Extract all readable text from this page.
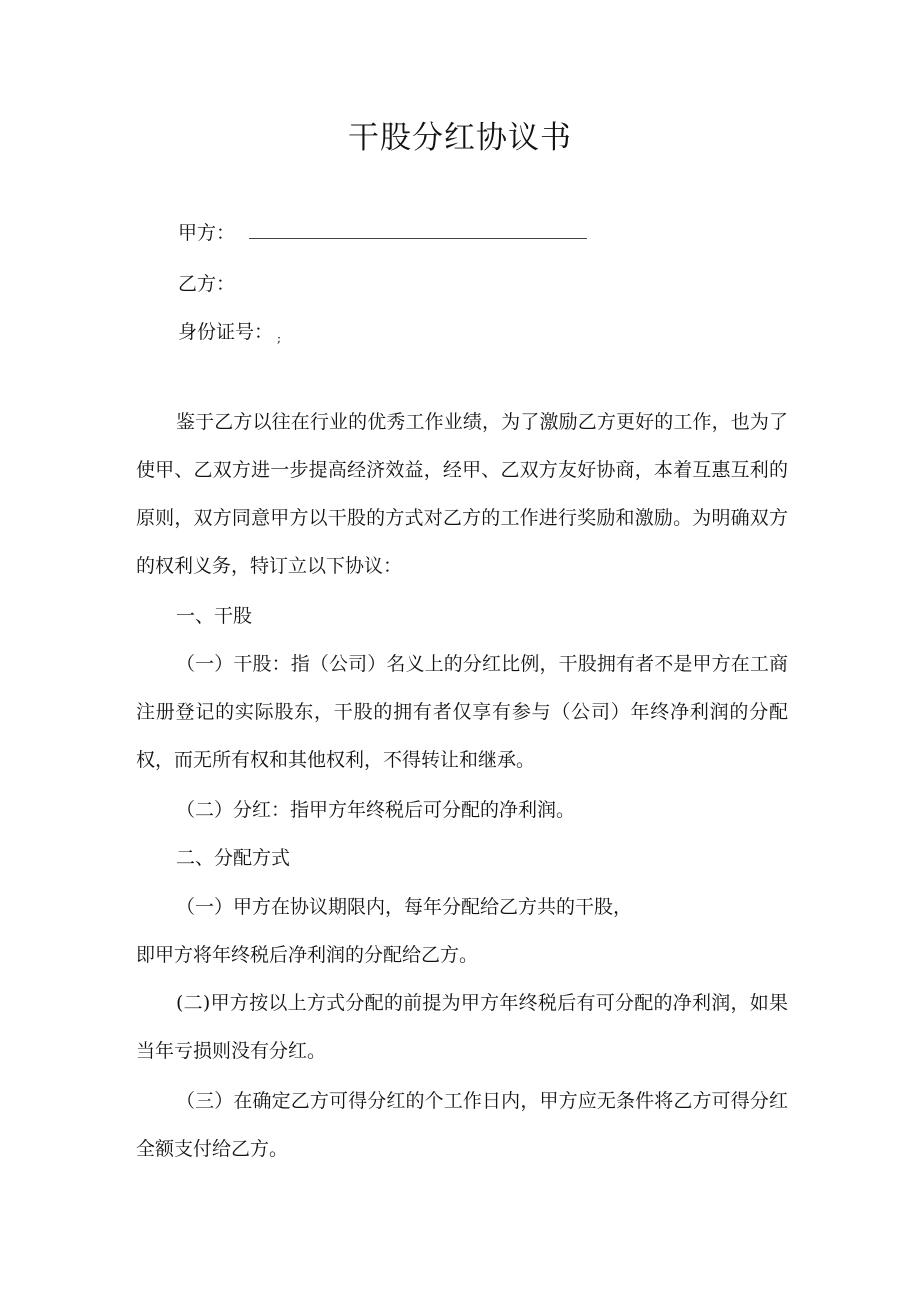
干股分红协议书
甲方：
乙方：
身份证号： ;

鉴于乙方以往在行业的优秀工作业绩，为了激励乙方更好的工作，也为了使甲、乙双方进一步提高经济效益，经甲、乙双方友好协商，本着互惠互利的原则，双方同意甲方以干股的方式对乙方的工作进行奖励和激励。为明确双方的权利义务，特订立以下协议：

一、干股

（一）干股：指（公司）名义上的分红比例，干股拥有者不是甲方在工商注册登记的实际股东，干股的拥有者仅享有参与（公司）年终净利润的分配权，而无所有权和其他权利，不得转让和继承。

（二）分红：指甲方年终税后可分配的净利润。
二、分配方式
（一）甲方在协议期限内，每年分配给乙方共的干股，
即甲方将年终税后净利润的分配给乙方。

(二)甲方按以上方式分配的前提为甲方年终税后有可分配的净利润，如果当年亏损则没有分红。

（三）在确定乙方可得分红的个工作日内，甲方应无条件将乙方可得分红全额支付给乙方。
